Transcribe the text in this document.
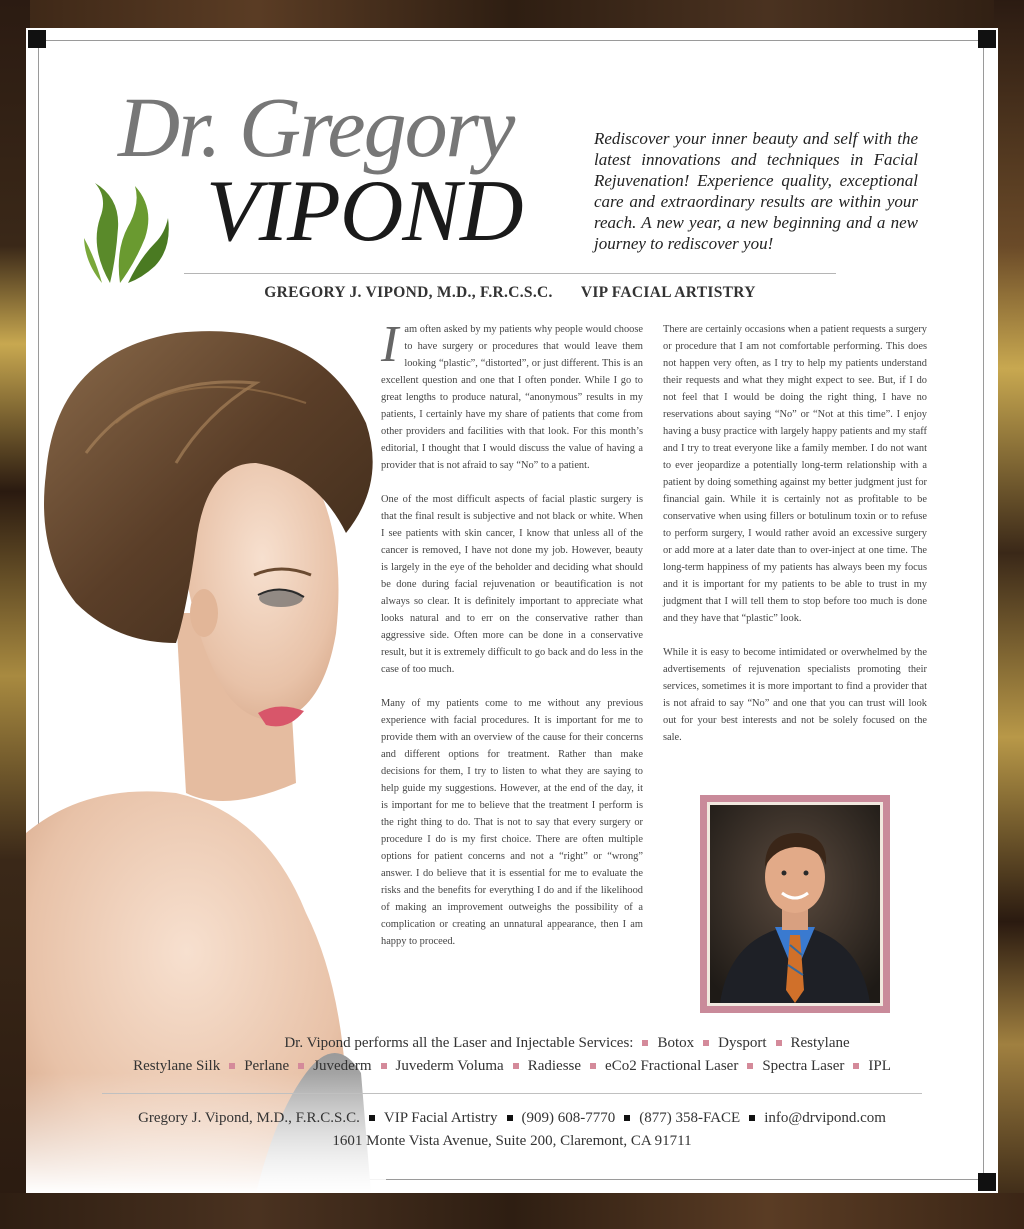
Dr. Gregory
VIPOND
Rediscover your inner beauty and self with the latest innovations and techniques in Facial Rejuvenation! Experience quality, exceptional care and extraordinary results are within your reach. A new year, a new beginning and a new journey to rediscover you!
GREGORY J. VIPOND, M.D., F.R.C.S.C. VIP FACIAL ARTISTRY

Iam often asked by my patients why people would choose to have surgery or procedures that would leave them looking “plastic”, “distorted”, or just different. This is an excellent question and one that I often ponder. While I go to great lengths to produce natural, “anonymous” results in my patients, I certainly have my share of patients that come from other providers and facilities with that look. For this month’s editorial, I thought that I would discuss the value of having a provider that is not afraid to say “No” to a patient.

One of the most difficult aspects of facial plastic surgery is that the final result is subjective and not black or white. When I see patients with skin cancer, I know that unless all of the cancer is removed, I have not done my job. However, beauty is largely in the eye of the beholder and deciding what should be done during facial rejuvenation or beautification is not always so clear. It is definitely important to appreciate what looks natural and to err on the conservative rather than aggressive side. Often more can be done in a conservative result, but it is extremely difficult to go back and do less in the case of too much.

Many of my patients come to me without any previous experience with facial procedures. It is important for me to provide them with an overview of the cause for their concerns and different options for treatment. Rather than make decisions for them, I try to listen to what they are saying to help guide my suggestions. However, at the end of the day, it is important for me to believe that the treatment I perform is the right thing to do. That is not to say that every surgery or procedure I do is my first choice. There are often multiple options for patient concerns and not a “right” or “wrong” answer. I do believe that it is essential for me to evaluate the risks and the benefits for everything I do and if the likelihood of making an improvement outweighs the possibility of a complication or creating an unnatural appearance, then I am happy to proceed.

There are certainly occasions when a patient requests a surgery or procedure that I am not comfortable performing. This does not happen very often, as I try to help my patients understand their requests and what they might expect to see. But, if I do not feel that I would be doing the right thing, I have no reservations about saying “No” or “Not at this time”. I enjoy having a busy practice with largely happy patients and my staff and I try to treat everyone like a family member. I do not want to ever jeopardize a potentially long-term relationship with a patient by doing something against my better judgment just for financial gain. While it is certainly not as profitable to be conservative when using fillers or botulinum toxin or to refuse to perform surgery, I would rather avoid an excessive surgery or add more at a later date than to over-inject at one time. The long-term happiness of my patients has always been my focus and it is important for my patients to be able to trust in my judgment that I will tell them to stop before too much is done and they have that “plastic” look.

While it is easy to become intimidated or overwhelmed by the advertisements of rejuvenation specialists promoting their services, sometimes it is more important to find a provider that is not afraid to say “No” and one that you can trust will look out for your best interests and not be solely focused on the sale.

Dr. Vipond performs all the Laser and Injectable Services: Botox Dysport Restylane
Restylane Silk Perlane Juvederm Juvederm Voluma Radiesse eCo2 Fractional Laser Spectra Laser IPL
Gregory J. Vipond, M.D., F.R.C.S.C. VIP Facial Artistry (909) 608-7770 (877) 358-FACE info@drvipond.com
1601 Monte Vista Avenue, Suite 200, Claremont, CA 91711
